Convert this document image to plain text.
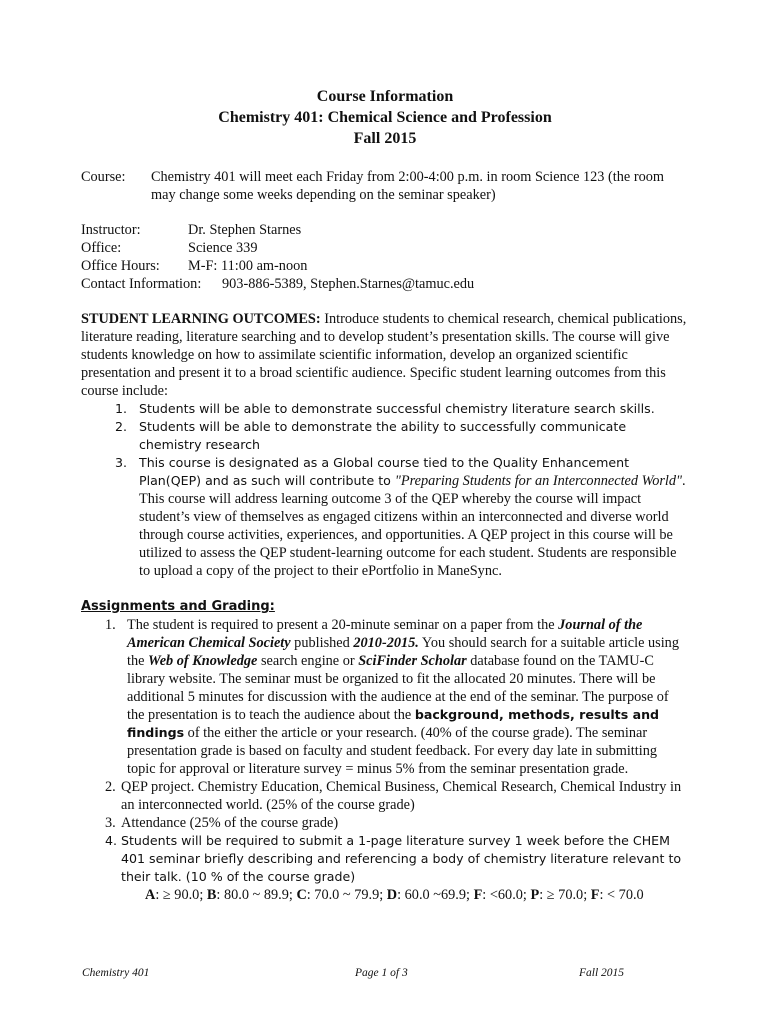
Course Information
Chemistry 401: Chemical Science and Profession
Fall 2015
Course: Chemistry 401 will meet each Friday from 2:00-4:00 p.m. in room Science 123 (the room may change some weeks depending on the seminar speaker)
Instructor:	Dr. Stephen Starnes
Office:	Science 339
Office Hours: M-F: 11:00 am-noon
Contact Information: 903-886-5389, Stephen.Starnes@tamuc.edu

STUDENT LEARNING OUTCOMES: Introduce students to chemical research, chemical publications, literature reading, literature searching and to develop student’s presentation skills. The course will give students knowledge on how to assimilate scientific information, develop an organized scientific presentation and present it to a broad scientific audience. Specific student learning outcomes from this course include:

1. Students will be able to demonstrate successful chemistry literature search skills.
2. Students will be able to demonstrate the ability to successfully communicate chemistry research
3. This course is designated as a Global course tied to the Quality Enhancement Plan(QEP) and as such will contribute to "Preparing Students for an Interconnected World". This course will address learning outcome 3 of the QEP whereby the course will impact student’s view of themselves as engaged citizens within an interconnected and diverse world through course activities, experiences, and opportunities. A QEP project in this course will be utilized to assess the QEP student-learning outcome for each student. Students are responsible to upload a copy of the project to their ePortfolio in ManeSync.
Assignments and Grading:
1. The student is required to present a 20-minute seminar on a paper from the Journal of the American Chemical Society published 2010-2015. You should search for a suitable article using the Web of Knowledge search engine or SciFinder Scholar database found on the TAMU-C library website. The seminar must be organized to fit the allocated 20 minutes. There will be additional 5 minutes for discussion with the audience at the end of the seminar. The purpose of the presentation is to teach the audience about the background, methods, results and findings of the either the article or your research. (40% of the course grade). The seminar presentation grade is based on faculty and student feedback. For every day late in submitting topic for approval or literature survey = minus 5% from the seminar presentation grade.
2. QEP project. Chemistry Education, Chemical Business, Chemical Research, Chemical Industry in an interconnected world. (25% of the course grade)
3. Attendance (25% of the course grade)
4. Students will be required to submit a 1-page literature survey 1 week before the CHEM 401 seminar briefly describing and referencing a body of chemistry literature relevant to their talk. (10 % of the course grade)
A: ≥ 90.0; B: 80.0 ~ 89.9; C: 70.0 ~ 79.9; D: 60.0 ~69.9; F: <60.0; P: ≥ 70.0; F: < 70.0
Chemistry 401	Page 1 of 3	Fall 2015
